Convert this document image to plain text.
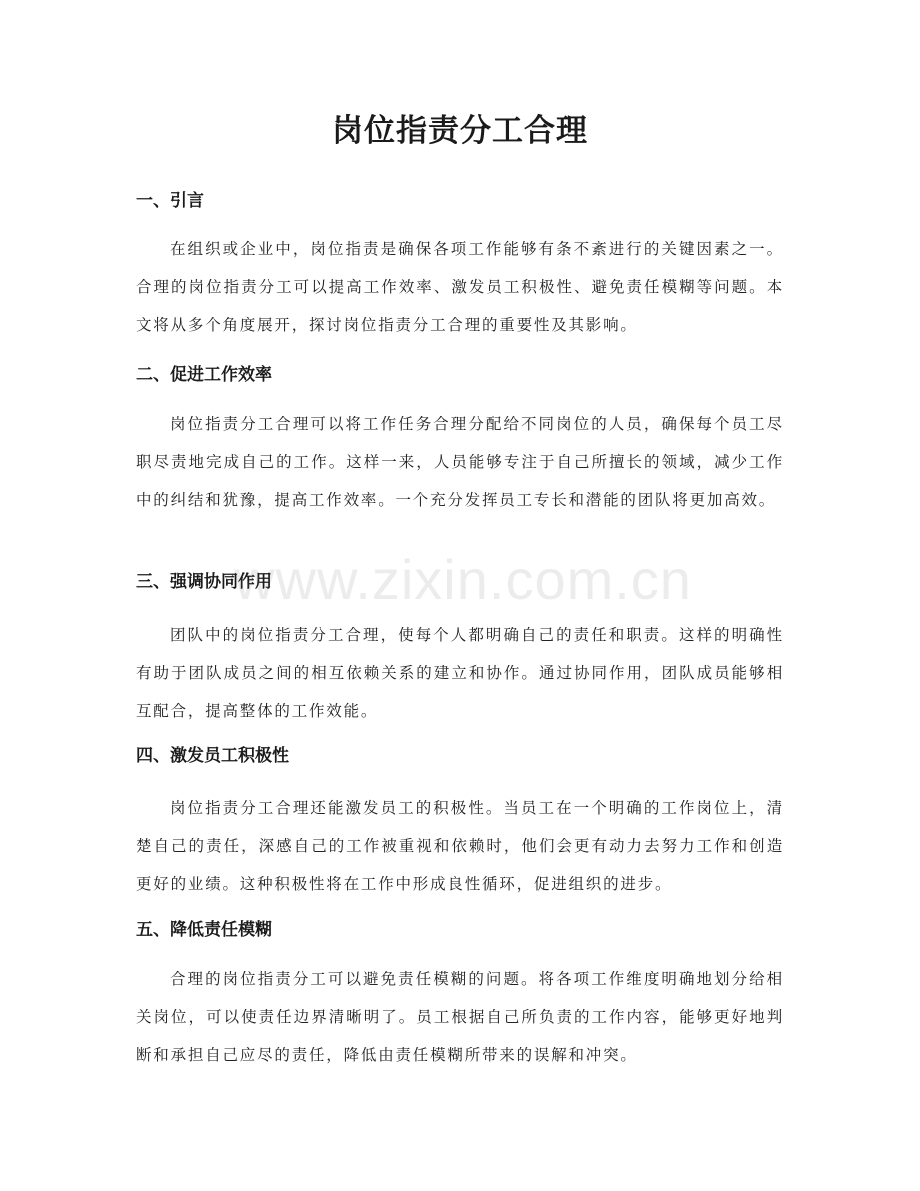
岗位指责分工合理
一、引言

在组织或企业中，岗位指责是确保各项工作能够有条不紊进行的关键因素之一。合理的岗位指责分工可以提高工作效率、激发员工积极性、避免责任模糊等问题。本文将从多个角度展开，探讨岗位指责分工合理的重要性及其影响。

二、促进工作效率

岗位指责分工合理可以将工作任务合理分配给不同岗位的人员，确保每个员工尽职尽责地完成自己的工作。这样一来，人员能够专注于自己所擅长的领域，减少工作中的纠结和犹豫，提高工作效率。一个充分发挥员工专长和潜能的团队将更加高效。

三、强调协同作用

团队中的岗位指责分工合理，使每个人都明确自己的责任和职责。这样的明确性有助于团队成员之间的相互依赖关系的建立和协作。通过协同作用，团队成员能够相互配合，提高整体的工作效能。

四、激发员工积极性

岗位指责分工合理还能激发员工的积极性。当员工在一个明确的工作岗位上，清楚自己的责任，深感自己的工作被重视和依赖时，他们会更有动力去努力工作和创造更好的业绩。这种积极性将在工作中形成良性循环，促进组织的进步。

五、降低责任模糊

合理的岗位指责分工可以避免责任模糊的问题。将各项工作维度明确地划分给相关岗位，可以使责任边界清晰明了。员工根据自己所负责的工作内容，能够更好地判断和承担自己应尽的责任，降低由责任模糊所带来的误解和冲突。

www.zixin.com.cn
